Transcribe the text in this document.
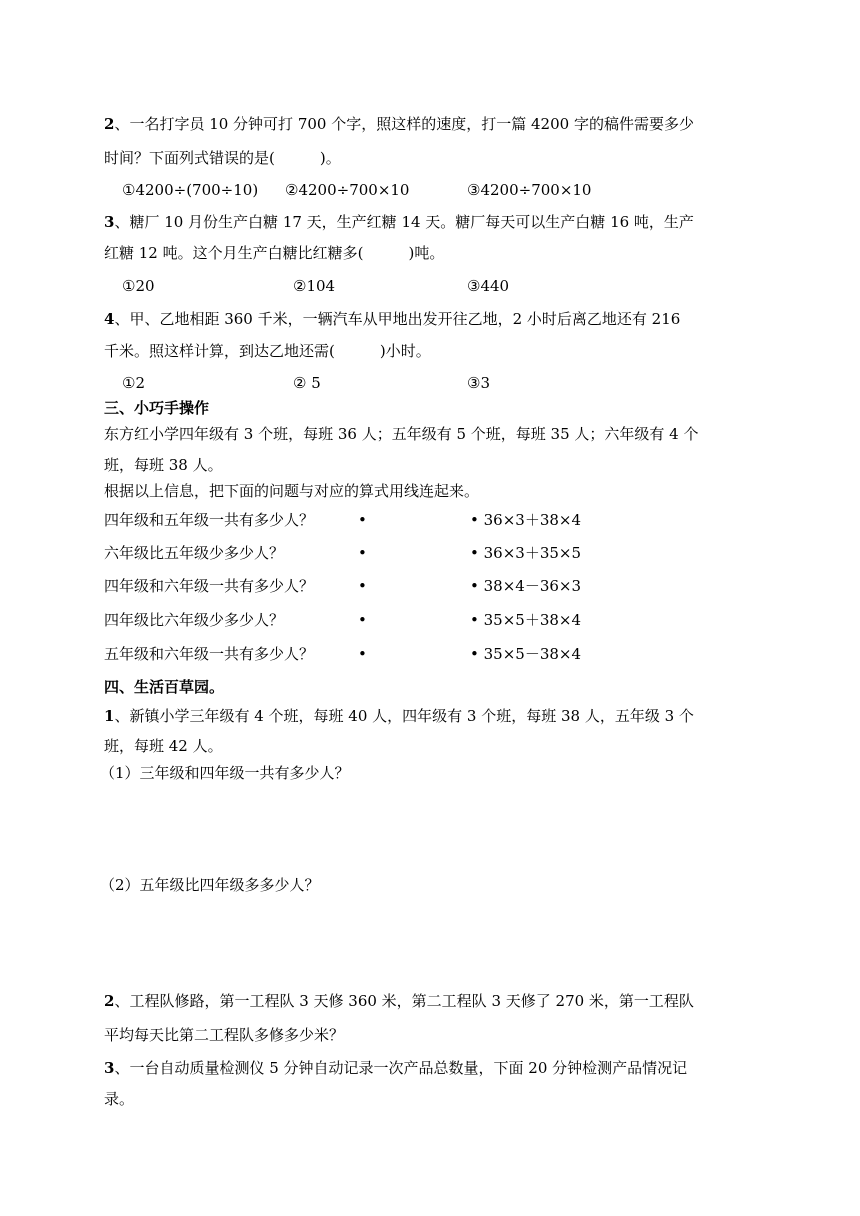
2、一名打字员 10 分钟可打 700 个字，照这样的速度，打一篇 4200 字的稿件需要多少
时间？下面列式错误的是(　　　)。
①4200÷(700÷10) ②4200÷700×10	③4200÷700×10
3、糖厂 10 月份生产白糖 17 天，生产红糖 14 天。糖厂每天可以生产白糖 16 吨，生产
红糖 12 吨。这个月生产白糖比红糖多(　　　)吨。
①20	②104	③440
4、甲、乙地相距 360 千米，一辆汽车从甲地出发开往乙地，2 小时后离乙地还有 216
千米。照这样计算，到达乙地还需(　　　)小时。
①2	② 5	③3
三、小巧手操作
东方红小学四年级有 3 个班，每班 36 人；五年级有 5 个班，每班 35 人；六年级有 4 个
班，每班 38 人。
根据以上信息，把下面的问题与对应的算式用线连起来。
四年级和五年级一共有多少人？	•	• 36×3＋38×4
六年级比五年级少多少人？	•	• 36×3＋35×5
四年级和六年级一共有多少人？	•	• 38×4－36×3
四年级比六年级少多少人？	•	• 35×5＋38×4
五年级和六年级一共有多少人？	•	• 35×5－38×4
四、生活百草园。
1、新镇小学三年级有 4 个班，每班 40 人，四年级有 3 个班，每班 38 人，五年级 3 个
班，每班 42 人。
（1）三年级和四年级一共有多少人？
（2）五年级比四年级多多少人？
2、工程队修路，第一工程队 3 天修 360 米，第二工程队 3 天修了 270 米，第一工程队
平均每天比第二工程队多修多少米？
3、一台自动质量检测仪 5 分钟自动记录一次产品总数量，下面 20 分钟检测产品情况记
录。
